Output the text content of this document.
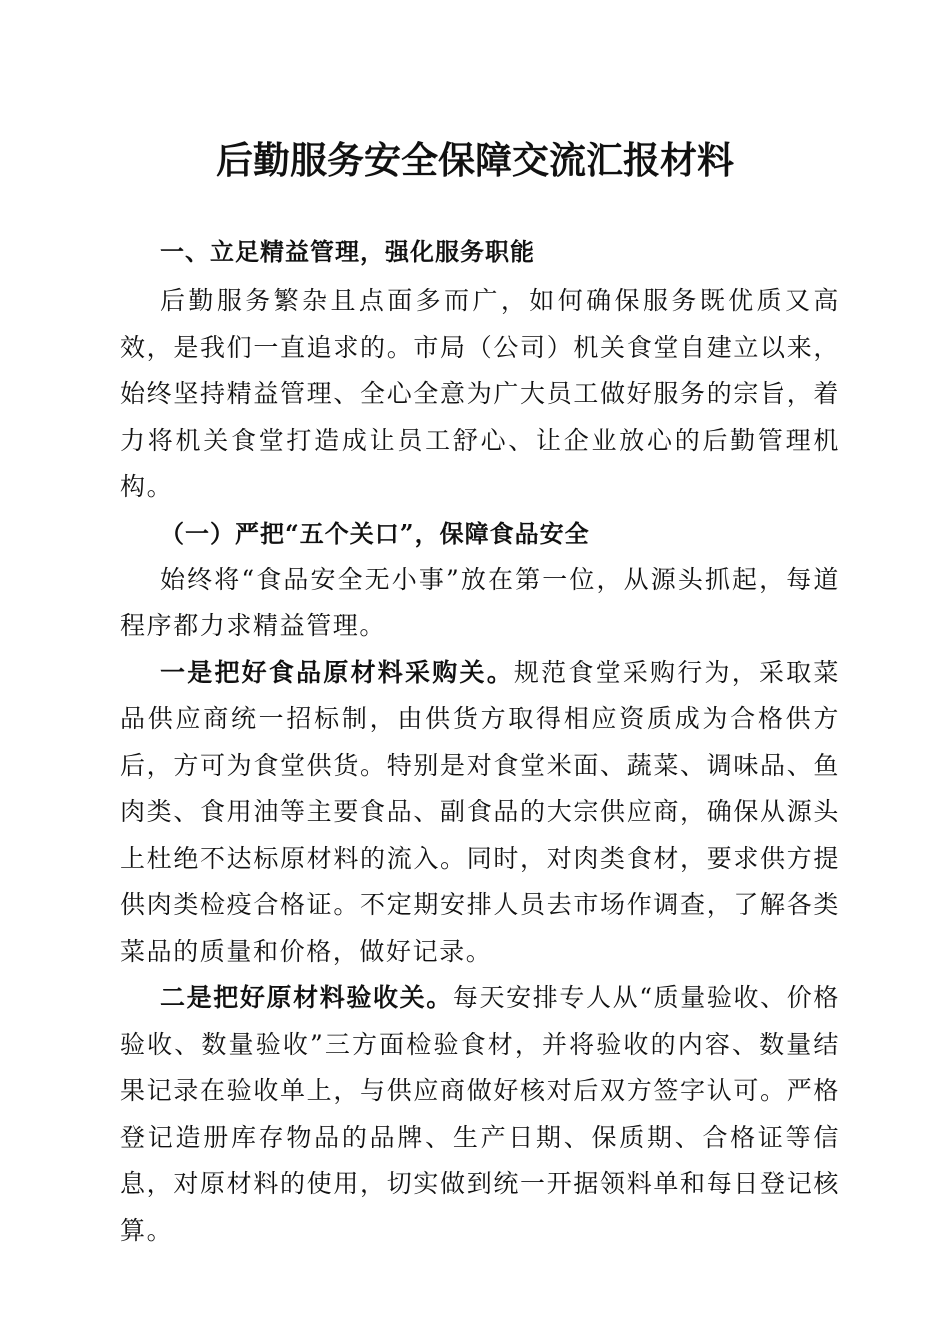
后勤服务安全保障交流汇报材料
一、立足精益管理，强化服务职能

后勤服务繁杂且点面多而广，如何确保服务既优质又高效，是我们一直追求的。市局（公司）机关食堂自建立以来，始终坚持精益管理、全心全意为广大员工做好服务的宗旨，着力将机关食堂打造成让员工舒心、让企业放心的后勤管理机构。

（一）严把“五个关口”，保障食品安全

始终将“食品安全无小事”放在第一位，从源头抓起，每道程序都力求精益管理。

一是把好食品原材料采购关。规范食堂采购行为，采取菜品供应商统一招标制，由供货方取得相应资质成为合格供方后，方可为食堂供货。特别是对食堂米面、蔬菜、调味品、鱼肉类、食用油等主要食品、副食品的大宗供应商，确保从源头上杜绝不达标原材料的流入。同时，对肉类食材，要求供方提供肉类检疫合格证。不定期安排人员去市场作调查，了解各类菜品的质量和价格，做好记录。

二是把好原材料验收关。每天安排专人从“质量验收、价格验收、数量验收”三方面检验食材，并将验收的内容、数量结果记录在验收单上，与供应商做好核对后双方签字认可。严格登记造册库存物品的品牌、生产日期、保质期、合格证等信息，对原材料的使用，切实做到统一开据领料单和每日登记核算。
